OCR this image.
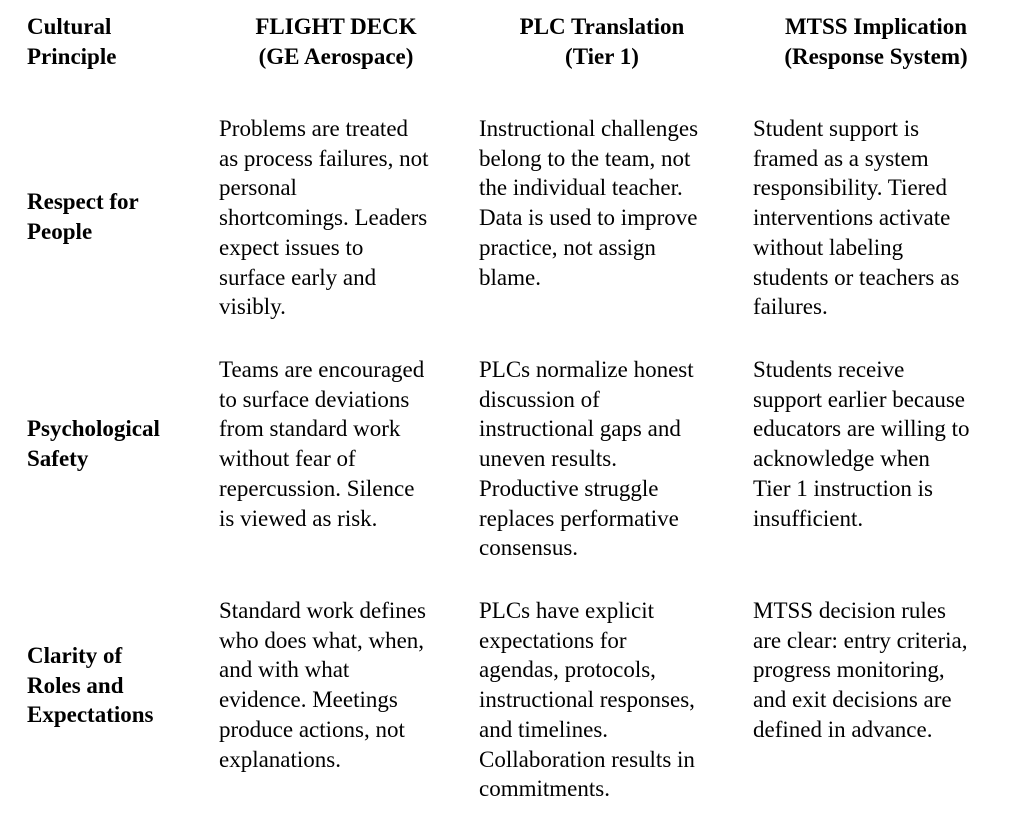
Cultural
Principle
FLIGHT DECK
(GE Aerospace)
PLC Translation
(Tier 1)
MTSS Implication
(Response System)
Respect for
People
Problems are treated
as process failures, not
personal
shortcomings. Leaders
expect issues to
surface early and
visibly.
Instructional challenges
belong to the team, not
the individual teacher.
Data is used to improve
practice, not assign
blame.
Student support is
framed as a system
responsibility. Tiered
interventions activate
without labeling
students or teachers as
failures.
Psychological
Safety
Teams are encouraged
to surface deviations
from standard work
without fear of
repercussion. Silence
is viewed as risk.
PLCs normalize honest
discussion of
instructional gaps and
uneven results.
Productive struggle
replaces performative
consensus.
Students receive
support earlier because
educators are willing to
acknowledge when
Tier 1 instruction is
insufficient.
Clarity of
Roles and
Expectations
Standard work defines
who does what, when,
and with what
evidence. Meetings
produce actions, not
explanations.
PLCs have explicit
expectations for
agendas, protocols,
instructional responses,
and timelines.
Collaboration results in
commitments.
MTSS decision rules
are clear: entry criteria,
progress monitoring,
and exit decisions are
defined in advance.
